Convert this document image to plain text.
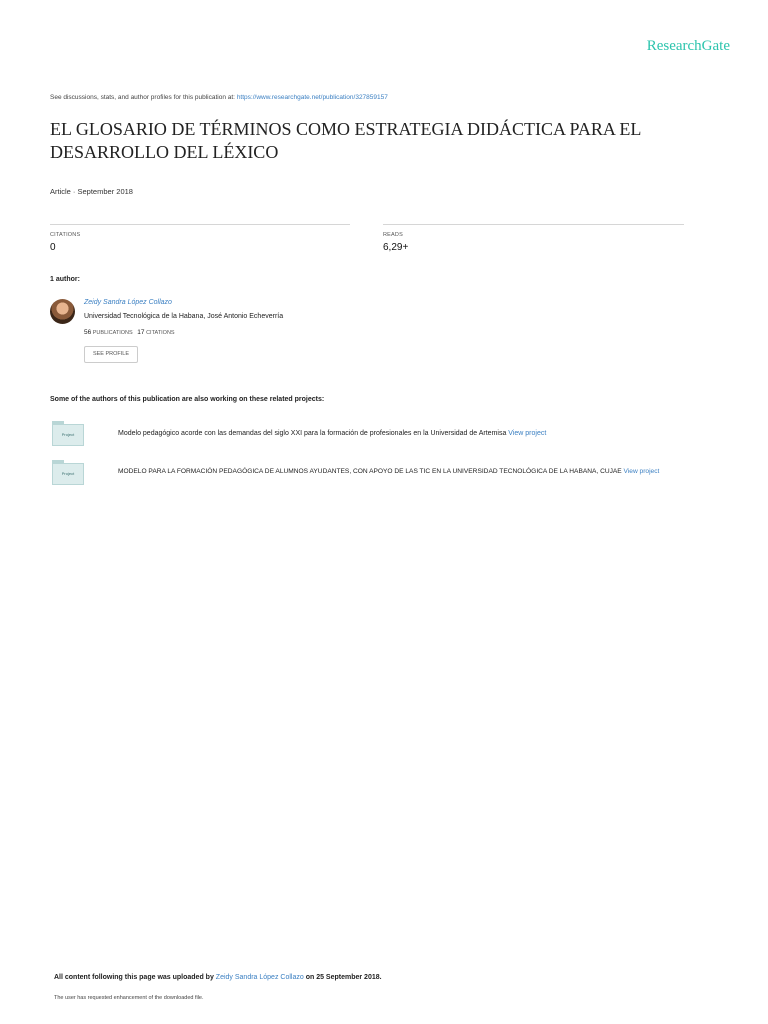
ResearchGate
See discussions, stats, and author profiles for this publication at: https://www.researchgate.net/publication/327859157
EL GLOSARIO DE TÉRMINOS COMO ESTRATEGIA DIDÁCTICA PARA EL DESARROLLO DEL LÉXICO
Article · September 2018
CITATIONS
0
READS
6,29+
1 author:
Zeidy Sandra López Collazo
Universidad Tecnológica de la Habana, José Antonio Echeverría
56 PUBLICATIONS 17 CITATIONS
SEE PROFILE
Some of the authors of this publication are also working on these related projects:
Project	Modelo pedagógico acorde con las demandas del siglo XXI para la formación de profesionales en la Universidad de Artemisa View project
Project	MODELO PARA LA FORMACIÓN PEDAGÓGICA DE ALUMNOS AYUDANTES, CON APOYO DE LAS TIC EN LA UNIVERSIDAD TECNOLÓGICA DE LA HABANA, CUJAE View project
All content following this page was uploaded by Zeidy Sandra López Collazo on 25 September 2018.
The user has requested enhancement of the downloaded file.
